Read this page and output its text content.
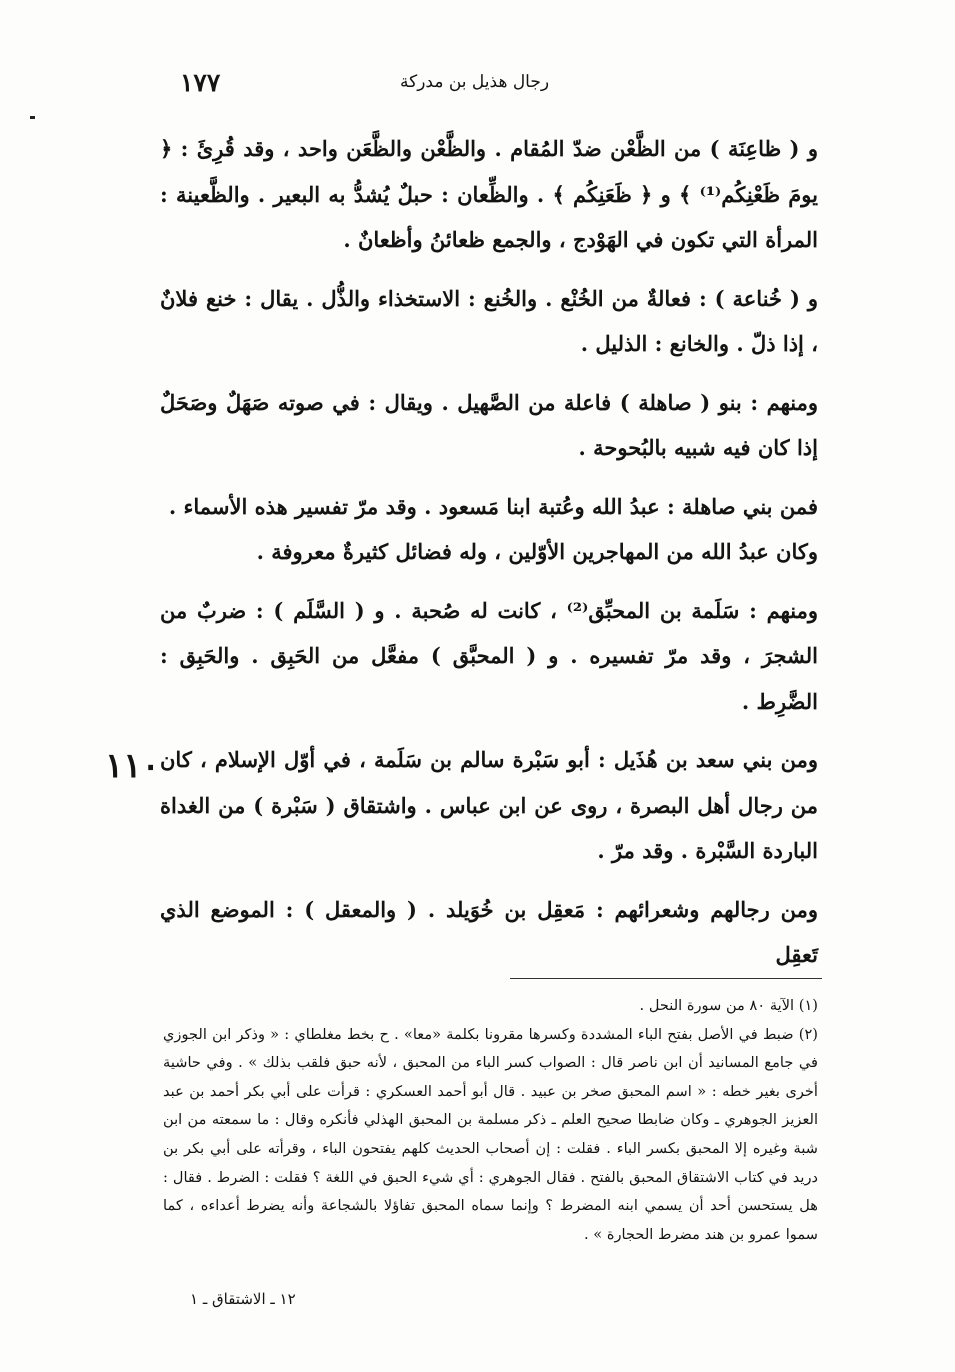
١٧٧	رجال هذيل بن مدركة
١١٠

و ( ظاعِنَة ) من الظَّعْن ضدّ المُقام . والظَّعْن والظَّعَن واحد ، وقد قُرِئَ : ﴿ يومَ ظَعْنِكُم⁽¹⁾ ﴾ و ﴿ ظَعَنِكُم ﴾ . والظِّعان : حبلٌ يُشدُّ به البعير . والظَّعينة : المرأة التي تكون في الهَوْدج ، والجمع ظعائنُ وأظعانٌ .

و ( خُناعة ) : فعالةٌ من الخُنْع . والخُنع : الاستخذاء والذُّل . يقال : خنع فلانٌ ، إذا ذلّ . والخانع : الذليل .

ومنهم : بنو ( صاهلة ) فاعلة من الصَّهيل . ويقال : في صوته صَهَلٌ وصَحَلٌ إذا كان فيه شبيه بالبُحوحة .

فمن بني صاهلة : عبدُ الله وعُتبة ابنا مَسعود . وقد مرّ تفسير هذه الأسماء .

وكان عبدُ الله من المهاجرين الأوّلين ، وله فضائل كثيرةٌ معروفة .

ومنهم : سَلَمة بن المحبِّق⁽²⁾ ، كانت له صُحبة . و ( السَّلَم ) : ضربٌ من الشجرَ ، وقد مرّ تفسيره . و ( المحبَّق ) مفعَّل من الحَبِق . والحَبِق : الضَّرِط .

ومن بني سعد بن هُذَيل : أبو سَبْرة سالم بن سَلَمة ، في أوّل الإسلام ، كان من رجال أهل البصرة ، روى عن ابن عباس . واشتقاق ( سَبْرة ) من الغداة الباردة السَّبْرة . وقد مرّ .

ومن رجالهم وشعرائهم : مَعقِل بن خُوَيلد . ( والمعقل ) : الموضع الذي تَعقِل

(١) الآية ٨٠ من سورة النحل .

(٢) ضبط في الأصل بفتح الباء المشددة وكسرها مقرونا بكلمة «معا» . ح بخط مغلطاي : « وذكر ابن الجوزي في جامع المسانيد أن ابن ناصر قال : الصواب كسر الباء من المحبق ، لأنه حبق فلقب بذلك » . وفي حاشية أخرى بغير خطه : « اسم المحبق صخر بن عبيد . قال أبو أحمد العسكري : قرأت على أبي بكر أحمد بن عبد العزيز الجوهري ـ وكان ضابطا صحيح العلم ـ ذكر مسلمة بن المحبق الهذلي فأنكره وقال : ما سمعته من ابن شبة وغيره إلا المحبق بكسر الباء . فقلت : إن أصحاب الحديث كلهم يفتحون الباء ، وقرأته على أبي بكر بن دريد في كتاب الاشتقاق المحبق بالفتح . فقال الجوهري : أي شيء الحبق في اللغة ؟ فقلت : الضرط . فقال : هل يستحسن أحد أن يسمي ابنه المضرط ؟ وإنما سماه المحبق تفاؤلا بالشجاعة وأنه يضرط أعداءه ، كما سموا عمرو بن هند مضرط الحجارة » .

١٢ ـ الاشتقاق ـ ١
